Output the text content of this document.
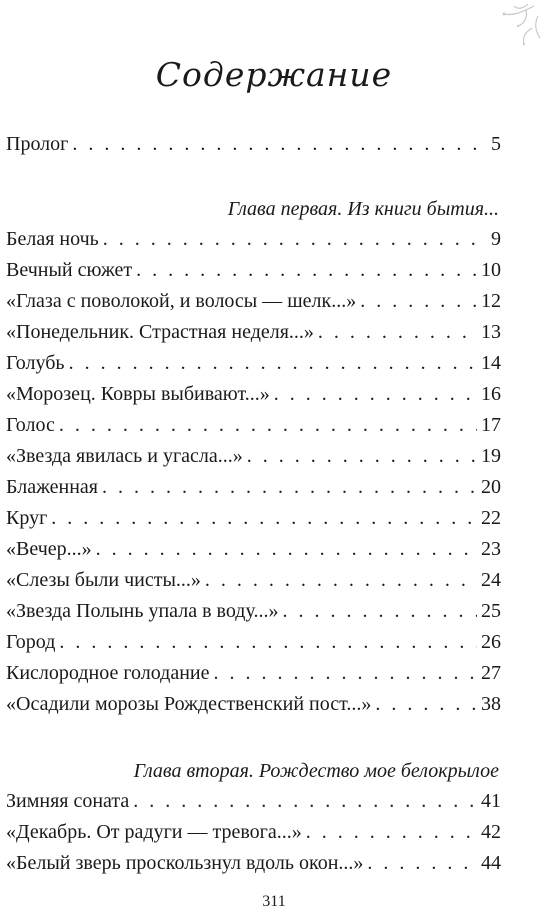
Содержание
Пролог . . .	5
Глава первая. Из книги бытия...
Белая ночь . . .	9
Вечный сюжет . . .	10
«Глаза с поволокой, и волосы — шелк...» . . .	12
«Понедельник. Страстная неделя...» . . .	13
Голубь . . .	14
«Морозец. Ковры выбивают...» . . .	16
Голос . . .	17
«Звезда явилась и угасла...» . . .	19
Блаженная . . .	20
Круг . . .	22
«Вечер...» . . .	23
«Слезы были чисты...» . . .	24
«Звезда Полынь упала в воду...» . . .	25
Город . . .	26
Кислородное голодание . . .	27
«Осадили морозы Рождественский пост...» . . .	38
Глава вторая. Рождество мое белокрылое
Зимняя соната . . .	41
«Декабрь. От радуги — тревога...» . . .	42
«Белый зверь проскользнул вдоль окон...» . . .	44
311
